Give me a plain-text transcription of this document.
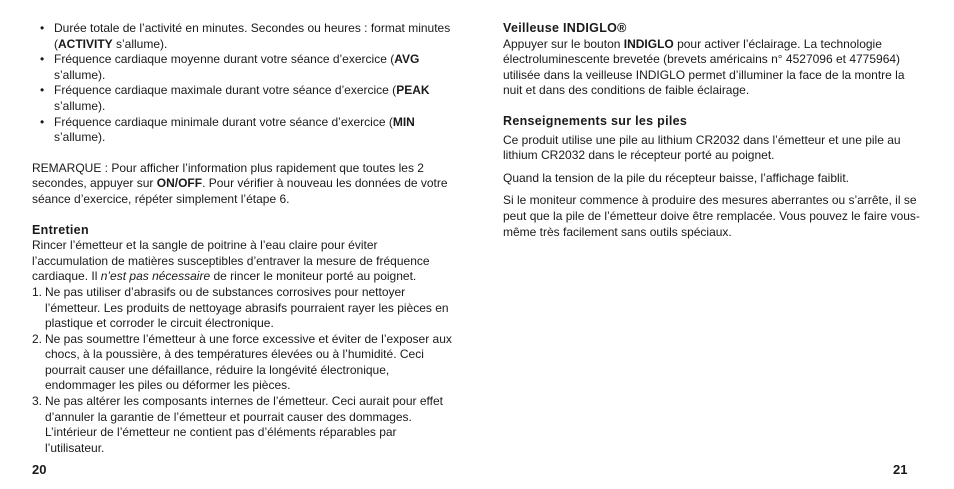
• Durée totale de l’activité en minutes. Secondes ou heures : format minutes (ACTIVITY s’allume).
• Fréquence cardiaque moyenne durant votre séance d’exercice (AVG s’allume).
• Fréquence cardiaque maximale durant votre séance d’exercice (PEAK s’allume).
• Fréquence cardiaque minimale durant votre séance d’exercice (MIN s’allume).

REMARQUE : Pour afficher l’information plus rapidement que toutes les 2 secondes, appuyer sur ON/OFF. Pour vérifier à nouveau les données de votre séance d’exercice, répéter simplement l’étape 6.

Entretien

Rincer l’émetteur et la sangle de poitrine à l’eau claire pour éviter l’accumulation de matières susceptibles d’entraver la mesure de fréquence cardiaque. Il n’est pas nécessaire de rincer le moniteur porté au poignet.

1. Ne pas utiliser d’abrasifs ou de substances corrosives pour nettoyer l’émetteur. Les produits de nettoyage abrasifs pourraient rayer les pièces en plastique et corroder le circuit électronique.
2. Ne pas soumettre l’émetteur à une force excessive et éviter de l’exposer aux chocs, à la poussière, à des températures élevées ou à l’humidité. Ceci pourrait causer une défaillance, réduire la longévité électronique, endommager les piles ou déformer les pièces.
3. Ne pas altérer les composants internes de l’émetteur. Ceci aurait pour effet d’annuler la garantie de l’émetteur et pourrait causer des dommages. L’intérieur de l’émetteur ne contient pas d’éléments réparables par l’utilisateur.
Veilleuse INDIGLO®

Appuyer sur le bouton INDIGLO pour activer l’éclairage. La technologie électroluminescente brevetée (brevets américains n° 4527096 et 4775964) utilisée dans la veilleuse INDIGLO permet d’illuminer la face de la montre la nuit et dans des conditions de faible éclairage.

Renseignements sur les piles

Ce produit utilise une pile au lithium CR2032 dans l’émetteur et une pile au lithium CR2032 dans le récepteur porté au poignet.

Quand la tension de la pile du récepteur baisse, l’affichage faiblit.

Si le moniteur commence à produire des mesures aberrantes ou s’arrête, il se peut que la pile de l’émetteur doive être remplacée. Vous pouvez le faire vous-même très facilement sans outils spéciaux.

20	21
